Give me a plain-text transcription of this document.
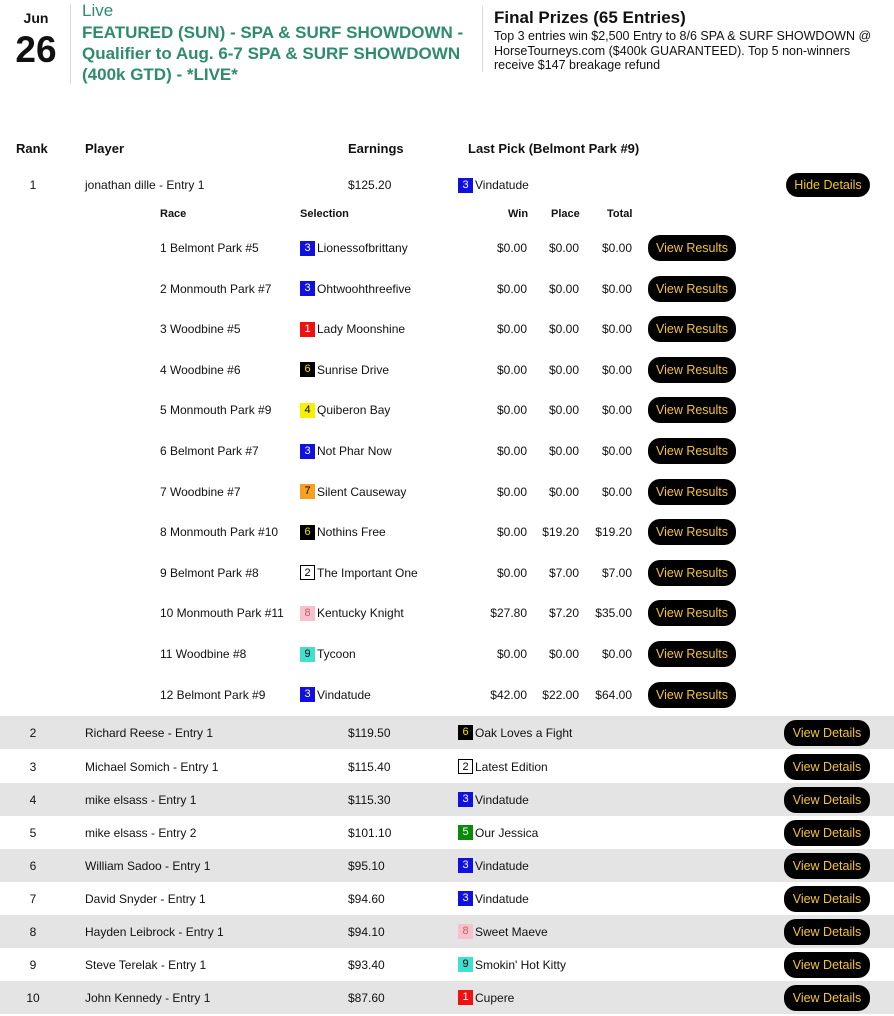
Jun
26
Live
FEATURED (SUN) - SPA & SURF SHOWDOWN - Qualifier to Aug. 6-7 SPA & SURF SHOWDOWN (400k GTD) - *LIVE*
Final Prizes (65 Entries)
Top 3 entries win $2,500 Entry to 8/6 SPA & SURF SHOWDOWN @ HorseTourneys.com ($400k GUARANTEED). Top 5 non-winners receive $147 breakage refund
Rank	Player	Earnings	Last Pick (Belmont Park #9)
1	jonathan dille - Entry 1	$125.20	3 Vindatude	Hide Details
Race	Selection	Win Place Total
1 Belmont Park #5	3 Lionessofbrittany	$0.00 $0.00 $0.00	View Results
2 Monmouth Park #7	3 Ohtwoohthreefive	$0.00 $0.00 $0.00	View Results
3 Woodbine #5	1 Lady Moonshine	$0.00 $0.00 $0.00	View Results
4 Woodbine #6	6 Sunrise Drive	$0.00 $0.00 $0.00	View Results
5 Monmouth Park #9	4 Quiberon Bay	$0.00 $0.00 $0.00	View Results
6 Belmont Park #7	3 Not Phar Now	$0.00 $0.00 $0.00	View Results
7 Woodbine #7	7 Silent Causeway	$0.00 $0.00 $0.00	View Results
8 Monmouth Park #10	6 Nothins Free	$0.00 $19.20 $19.20	View Results
9 Belmont Park #8	2 The Important One	$0.00 $7.00 $7.00	View Results
10 Monmouth Park #11	8 Kentucky Knight	$27.80 $7.20 $35.00	View Results
11 Woodbine #8	9 Tycoon	$0.00 $0.00 $0.00	View Results
12 Belmont Park #9	3 Vindatude	$42.00 $22.00 $64.00	View Results
2	Richard Reese - Entry 1	$119.50	6 Oak Loves a Fight	View Details
3	Michael Somich - Entry 1	$115.40	2 Latest Edition	View Details
4	mike elsass - Entry 1	$115.30	3 Vindatude	View Details
5	mike elsass - Entry 2	$101.10	5 Our Jessica	View Details
6	William Sadoo - Entry 1	$95.10	3 Vindatude	View Details
7	David Snyder - Entry 1	$94.60	3 Vindatude	View Details
8	Hayden Leibrock - Entry 1	$94.10	8 Sweet Maeve	View Details
9	Steve Terelak - Entry 1	$93.40	9 Smokin' Hot Kitty	View Details
10	John Kennedy - Entry 1	$87.60	1 Cupere	View Details
